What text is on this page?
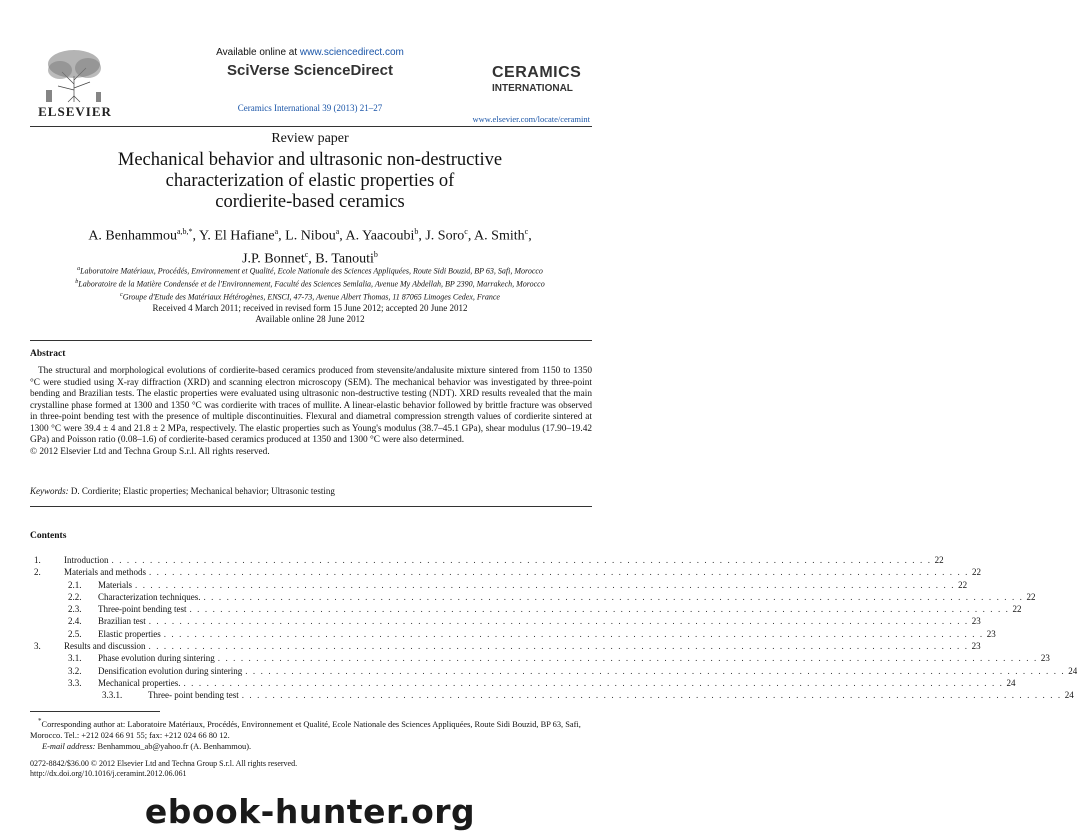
ELSEVIER
Available online at www.sciencedirect.com
SciVerse ScienceDirect
Ceramics International 39 (2013) 21–27
CERAMICS
INTERNATIONAL
www.elsevier.com/locate/ceramint
Review paper
Mechanical behavior and ultrasonic non-destructive
characterization of elastic properties of
cordierite-based ceramics
A. Benhammou$^{a,b,*}$, Y. El Hafiane$^a$, L. Nibou$^a$, A. Yaacoubi$^b$, J. Soro$^c$, A. Smith$^c$,
J.P. Bonnet$^c$, B. Tanouti$^b$
$^a$Laboratoire Matériaux, Procédés, Environnement et Qualité, Ecole Nationale des Sciences Appliquées, Route Sidi Bouzid, BP 63, Safi, Morocco
$^b$Laboratoire de la Matière Condensée et de l'Environnement, Faculté des Sciences Semlalia, Avenue My Abdellah, BP 2390, Marrakech, Morocco
$^c$Groupe d'Etude des Matériaux Hétérogènes, ENSCI, 47-73, Avenue Albert Thomas, 11 87065 Limoges Cedex, France
Received 4 March 2011; received in revised form 15 June 2012; accepted 20 June 2012
Available online 28 June 2012
Abstract
The structural and morphological evolutions of cordierite-based ceramics produced from stevensite/andalusite mixture sintered from 1150 to 1350 °C were studied using X-ray diffraction (XRD) and scanning electron microscopy (SEM). The mechanical behavior was investigated by three-point bending and Brazilian tests. The elastic properties were evaluated using ultrasonic non-destructive testing (NDT). XRD results revealed that the main crystalline phase formed at 1300 and 1350 °C was cordierite with traces of mullite. A linear-elastic behavior followed by brittle fracture was observed in three-point bending test with the presence of multiple discontinuities. Flexural and diametral compression strength values of cordierite sintered at 1300 °C were 39.4 ± 4 and 21.8 ± 2 MPa, respectively. The elastic properties such as Young's modulus (38.7–45.1 GPa), shear modulus (17.90–19.42 GPa) and Poisson ratio (0.08–1.6) of cordierite-based ceramics produced at 1350 and 1300 °C were also determined.
© 2012 Elsevier Ltd and Techna Group S.r.l. All rights reserved.
Keywords: D. Cordierite; Elastic properties; Mechanical behavior; Ultrasonic testing
Contents
1.	Introduction . . . . . . . . . . . . . . . . . . . . . . . . . . . . . . . . . . . . . . . . . . . . . . . . . . . . . . . . . . . . . . . . . . . . . . . . . . . . . . . . . . . . . . . . . . . . . . . . . . . . . . . . . . . 22
2.	Materials and methods . . . . . . . . . . . . . . . . . . . . . . . . . . . . . . . . . . . . . . . . . . . . . . . . . . . . . . . . . . . . . . . . . . . . . . . . . . . . . . . . . . . . . . . . . . . . . . . . . . . . . . . . . . . 22
2.1.	Materials . . . . . . . . . . . . . . . . . . . . . . . . . . . . . . . . . . . . . . . . . . . . . . . . . . . . . . . . . . . . . . . . . . . . . . . . . . . . . . . . . . . . . . . . . . . . . . . . . . . . . . . . . . . 22
2.2.	Characterization techniques. . . . . . . . . . . . . . . . . . . . . . . . . . . . . . . . . . . . . . . . . . . . . . . . . . . . . . . . . . . . . . . . . . . . . . . . . . . . . . . . . . . . . . . . . . . . . . . . . . . . . . . . . . . . 22
2.3.	Three-point bending test . . . . . . . . . . . . . . . . . . . . . . . . . . . . . . . . . . . . . . . . . . . . . . . . . . . . . . . . . . . . . . . . . . . . . . . . . . . . . . . . . . . . . . . . . . . . . . . . . . . . . . . . . . . 22
2.4.	Brazilian test . . . . . . . . . . . . . . . . . . . . . . . . . . . . . . . . . . . . . . . . . . . . . . . . . . . . . . . . . . . . . . . . . . . . . . . . . . . . . . . . . . . . . . . . . . . . . . . . . . . . . . . . . . . 23
2.5.	Elastic properties . . . . . . . . . . . . . . . . . . . . . . . . . . . . . . . . . . . . . . . . . . . . . . . . . . . . . . . . . . . . . . . . . . . . . . . . . . . . . . . . . . . . . . . . . . . . . . . . . . . . . . . . . . . 23
3.	Results and discussion . . . . . . . . . . . . . . . . . . . . . . . . . . . . . . . . . . . . . . . . . . . . . . . . . . . . . . . . . . . . . . . . . . . . . . . . . . . . . . . . . . . . . . . . . . . . . . . . . . . . . . . . . . . 23
3.1.	Phase evolution during sintering . . . . . . . . . . . . . . . . . . . . . . . . . . . . . . . . . . . . . . . . . . . . . . . . . . . . . . . . . . . . . . . . . . . . . . . . . . . . . . . . . . . . . . . . . . . . . . . . . . . . . . . . . . . 23
3.2.	Densification evolution during sintering . . . . . . . . . . . . . . . . . . . . . . . . . . . . . . . . . . . . . . . . . . . . . . . . . . . . . . . . . . . . . . . . . . . . . . . . . . . . . . . . . . . . . . . . . . . . . . . . . . . . . . . . . . . 24
3.3.	Mechanical properties. . . . . . . . . . . . . . . . . . . . . . . . . . . . . . . . . . . . . . . . . . . . . . . . . . . . . . . . . . . . . . . . . . . . . . . . . . . . . . . . . . . . . . . . . . . . . . . . . . . . . . . . . . . . 24
3.3.1.	Three- point bending test . . . . . . . . . . . . . . . . . . . . . . . . . . . . . . . . . . . . . . . . . . . . . . . . . . . . . . . . . . . . . . . . . . . . . . . . . . . . . . . . . . . . . . . . . . . . . . . . . . . . . . . . . . . 24
*Corresponding author at: Laboratoire Matériaux, Procédés, Environnement et Qualité, Ecole Nationale des Sciences Appliquées, Route Sidi Bouzid, BP 63, Safi, Morocco. Tel.: +212 024 66 91 55; fax: +212 024 66 80 12.
E-mail address: Benhammou_ab@yahoo.fr (A. Benhammou).
0272-8842/$36.00 © 2012 Elsevier Ltd and Techna Group S.r.l. All rights reserved.
http://dx.doi.org/10.1016/j.ceramint.2012.06.061
ebook-hunter.org
